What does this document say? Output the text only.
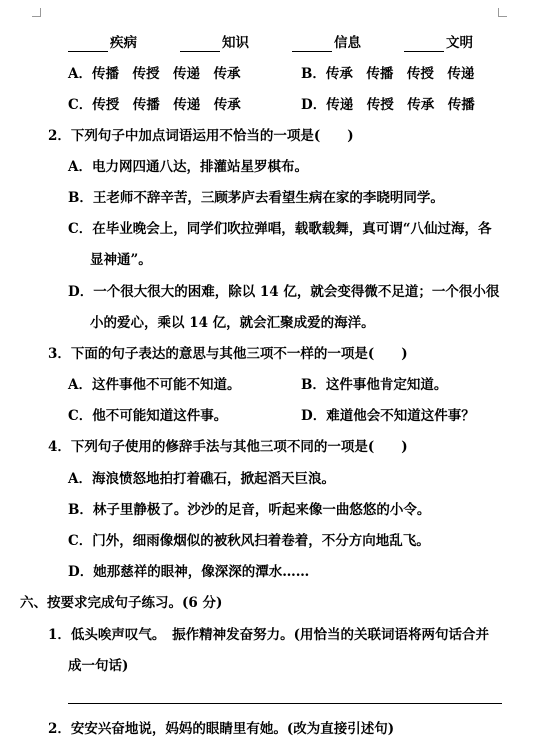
疾病	知识	信息	文明
A．传播　传授　传递　传承	B．传承　传播　传授　传递
C．传授　传播　传递　传承	D．传递　传授　传承　传播
2．下列句子中加点词语运用不恰当的一项是(　　)
A．电力网四通八达，排灌站星罗棋布。
B．王老师不辞辛苦，三顾茅庐去看望生病在家的李晓明同学。
C．在毕业晚会上，同学们吹拉弹唱，载歌载舞，真可谓“八仙过海，各
显神通”。
D．一个很大很大的困难，除以 14 亿，就会变得微不足道；一个很小很
小的爱心，乘以 14 亿，就会汇聚成爱的海洋。
3．下面的句子表达的意思与其他三项不一样的一项是(　　)
A．这件事他不可能不知道。	B．这件事他肯定知道。
C．他不可能知道这件事。	D．难道他会不知道这件事？
4．下列句子使用的修辞手法与其他三项不同的一项是(　　)
A．海浪愤怒地拍打着礁石，掀起滔天巨浪。
B．林子里静极了。沙沙的足音，听起来像一曲悠悠的小令。
C．门外，细雨像烟似的被秋风扫着卷着，不分方向地乱飞。
D．她那慈祥的眼神，像深深的潭水……
六、按要求完成句子练习。(6 分)
1．低头唉声叹气。　振作精神发奋努力。(用恰当的关联词语将两句话合并
成一句话)
2．安安兴奋地说，妈妈的眼睛里有她。(改为直接引述句)
